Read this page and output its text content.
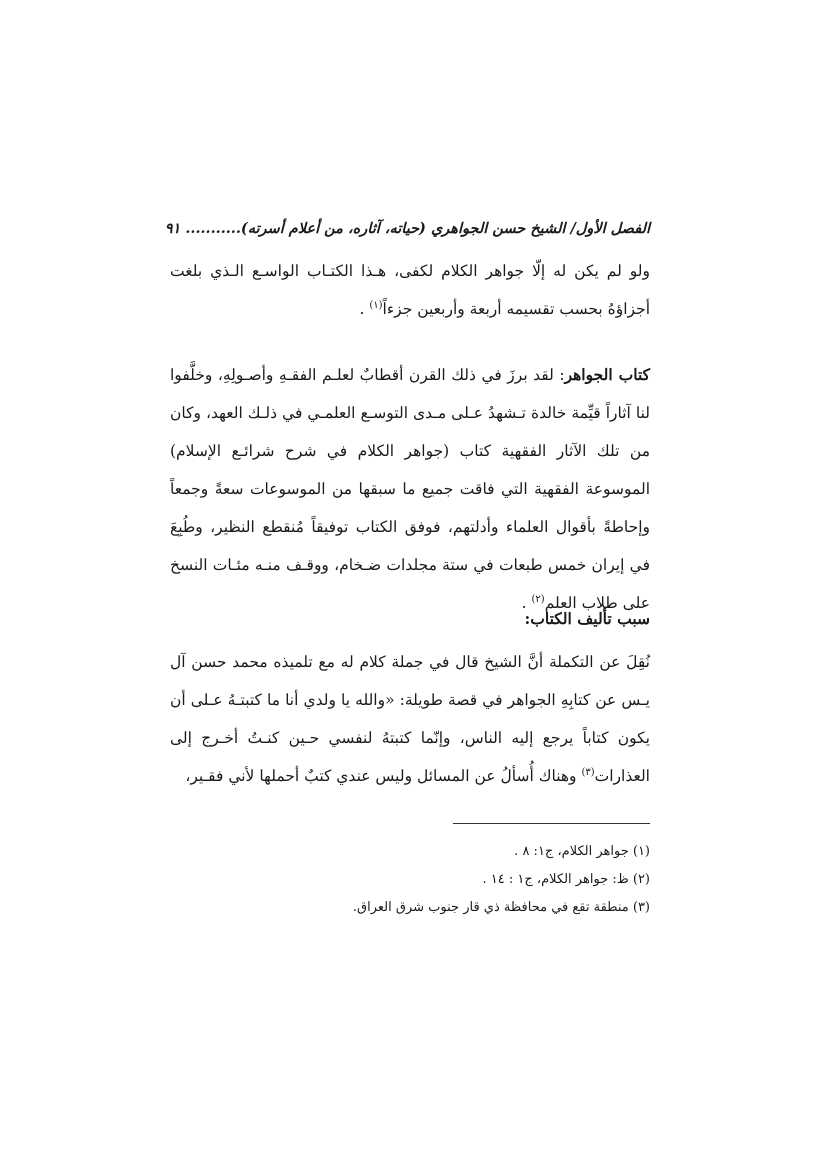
الفصل الأول/ الشيخ حسن الجواهري (حياته، آثاره، من أعلام أسرته)
........... ٩١

ولو لم يكن له إلّا جواهر الكلام لكفى، هـذا الكتـاب الواسـع الـذي بلغت أجزاؤهُ بحسب تقسيمه أربعة وأربعين جزءاً$^{(١)}$ .

كتاب الجواهر: لقد برزَ في ذلك القرن أقطابٌ لعلـم الفقـهِ وأصـولِهِ، وخلَّفوا لنا آثاراً قيِّمة خالدة تـشهدُ عـلى مـدى التوسـع العلمـي في ذلـك العهد، وكان من تلك الآثار الفقهية كتاب (جواهر الكلام في شرح شرائـع الإسلام) الموسوعة الفقهية التي فاقت جميع ما سبقها من الموسوعات سعةً وجمعاً وإحاطةً بأقوال العلماء وأدلتهم، فوفق الكتاب توفيقاً مُنقطع النظير، وطُبِعَ في إيران خمس طبعات في ستة مجلدات ضـخام، ووقـف منـه مئـات النسخ على طلاب العلم$^{(٢)}$ .

سبب تأليف الكتاب:

نُقِلَ عن التكملة أنَّ الشيخ قال في جملة كلام له مع تلميذه محمد حسن آل يـس عن كتابِهِ الجواهر في قصة طويلة: «والله يا ولدي أنا ما كتبتـهُ عـلى أن يكون كتاباً يرجع إليه الناس، وإنّما كتبتهُ لنفسي حـين كنـتُ أخـرج إلى العذارات$^{(٣)}$ وهناك أُسألُ عن المسائل وليس عندي كتبٌ أحملها لأني فقـير،

(١) جواهر الكلام، ج١: ٨ .

(٢) ظ: جواهر الكلام، ج١ : ١٤ .

(٣) منطقة تقع في محافظة ذي قار جنوب شرق العراق.
